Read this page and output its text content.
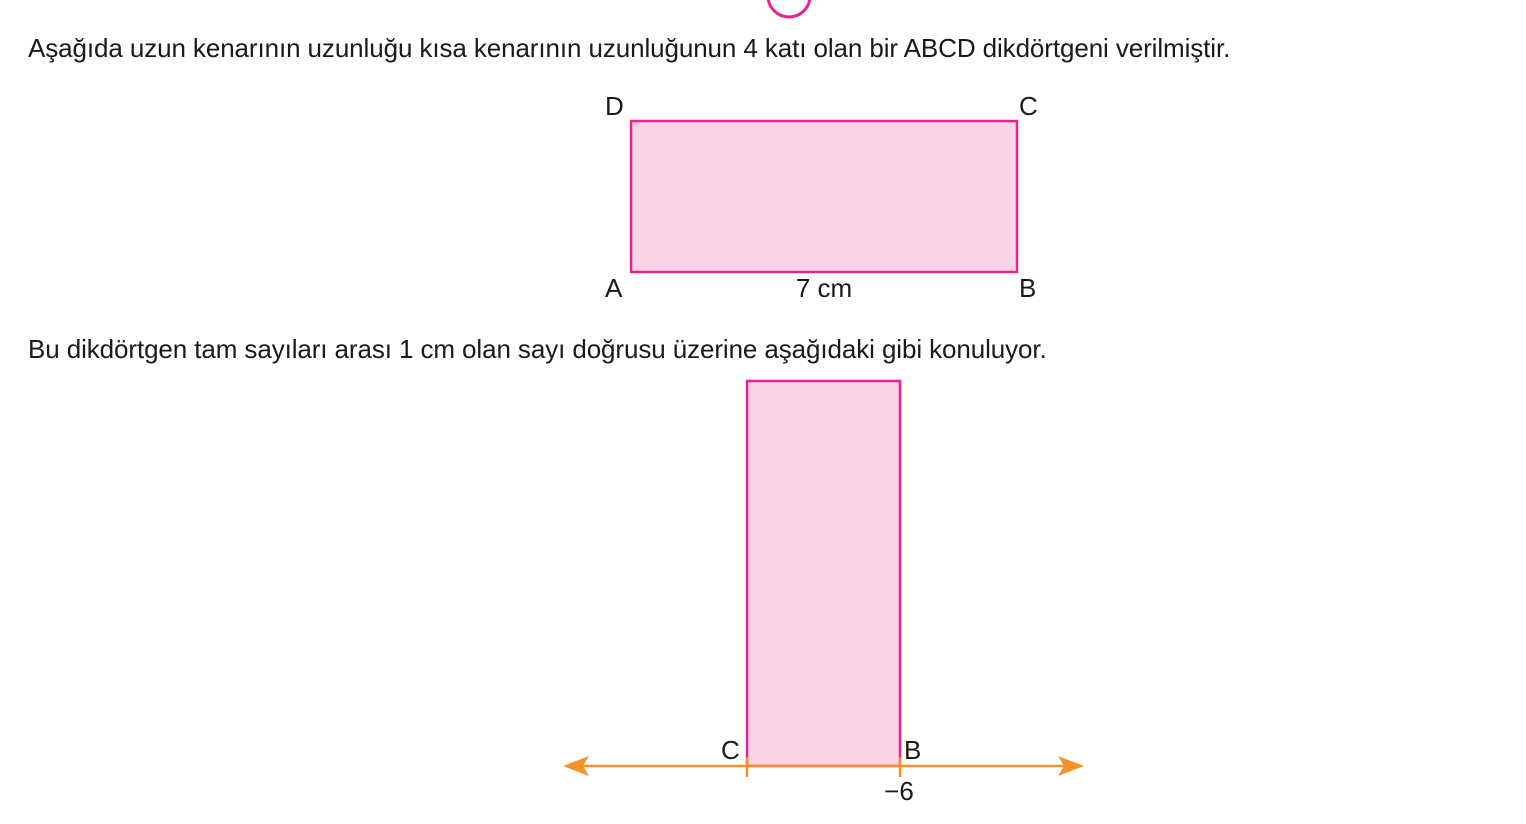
Aşağıda uzun kenarının uzunluğu kısa kenarının uzunluğunun 4 katı olan bir ABCD dikdörtgeni verilmiştir.

Bu dikdörtgen tam sayıları arası 1 cm olan sayı doğrusu üzerine aşağıdaki gibi konuluyor.

D	C
A	B
7 cm
C	B
−6
